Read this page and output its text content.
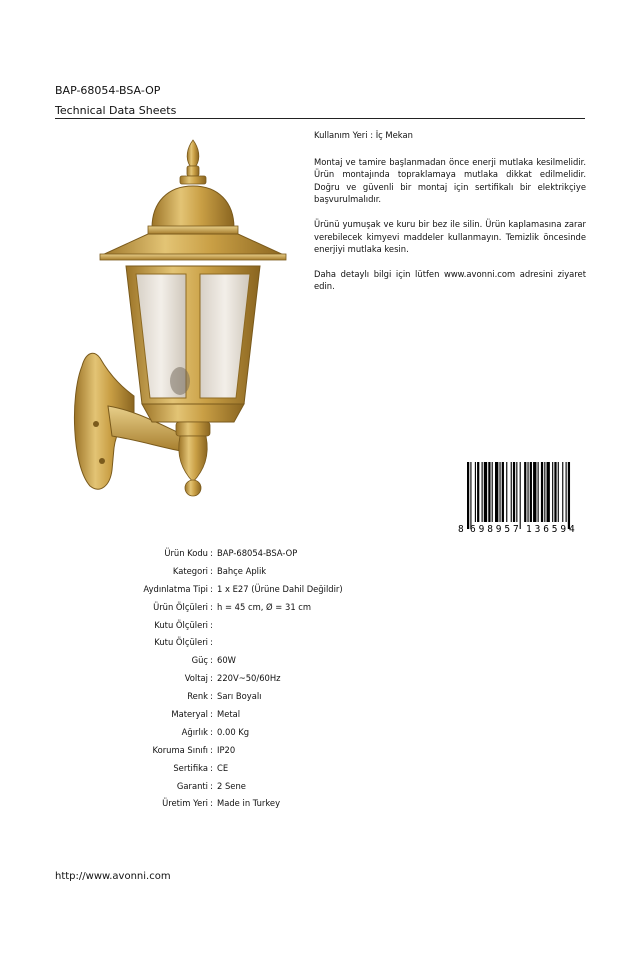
BAP-68054-BSA-OP
Technical Data Sheets

Kullanım Yeri : İç Mekan

Montaj ve tamire başlanmadan önce enerji mutlaka kesilmelidir. Ürün montajında topraklamaya mutlaka dikkat edilmelidir. Doğru ve güvenli bir montaj için sertifikalı bir elektrikçiye başvurulmalıdır.

Ürünü yumuşak ve kuru bir bez ile silin. Ürün kaplamasına zarar verebilecek kimyevi maddeler kullanmayın. Temizlik öncesinde enerjiyi mutlaka kesin.

Daha detaylı bilgi için lütfen www.avonni.com adresini ziyaret edin.

8 6 9 8 9 5 7 1 3 6 5 9 4
Ürün Kodu : BAP-68054-BSA-OP
Kategori : Bahçe Aplik
Aydınlatma Tipi : 1 x E27 (Ürüne Dahil Değildir)
Ürün Ölçüleri : h = 45 cm, Ø = 31 cm
Kutu Ölçüleri :
Kutu Ölçüleri :
Güç : 60W
Voltaj : 220V~50/60Hz
Renk : Sarı Boyalı
Materyal : Metal
Ağırlık : 0.00 Kg
Koruma Sınıfı : IP20
Sertifika : CE
Garanti : 2 Sene
Üretim Yeri : Made in Turkey
http://www.avonni.com
